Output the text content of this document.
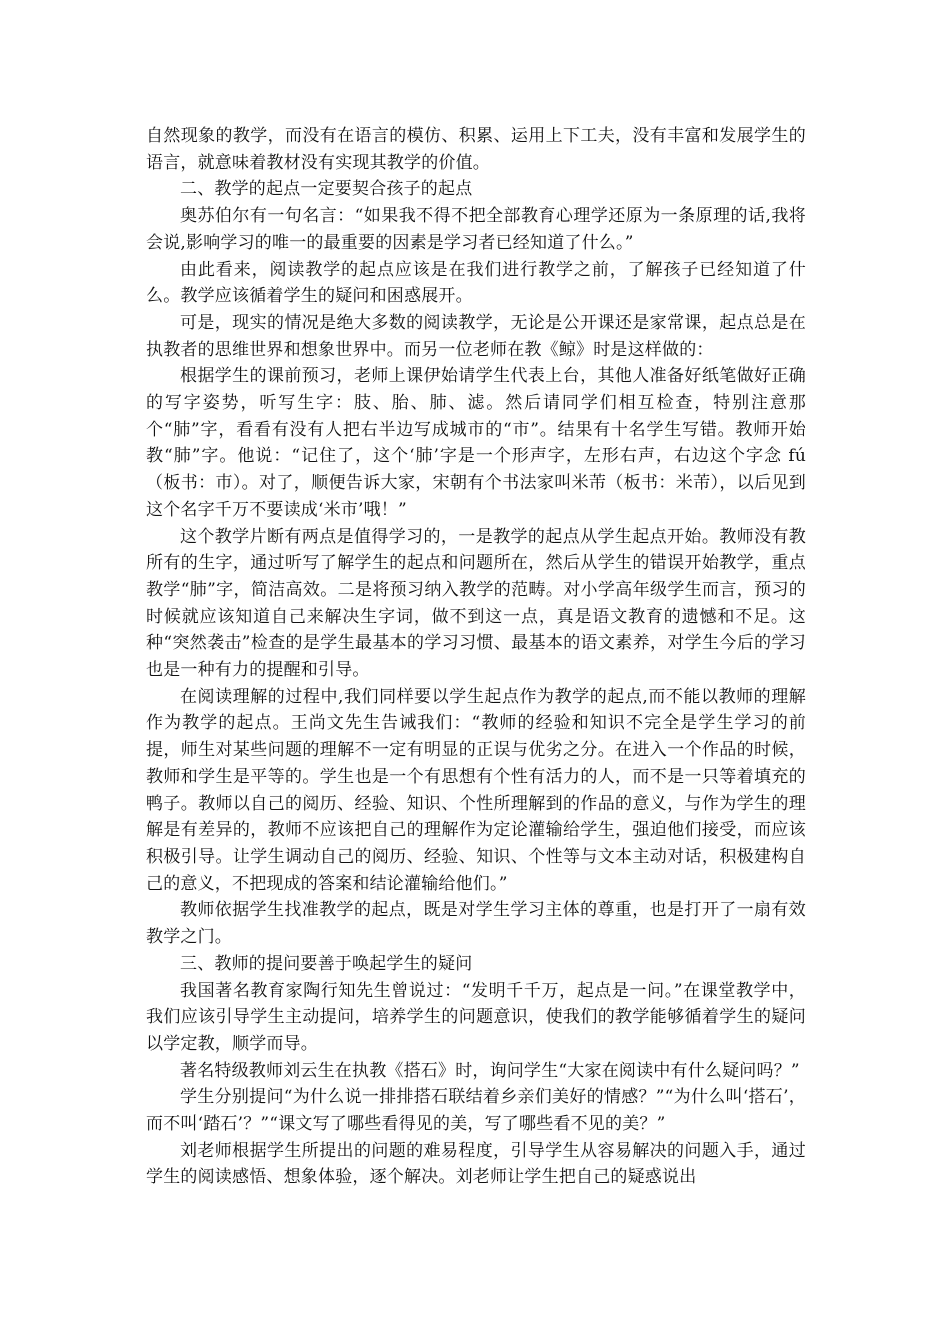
自然现象的教学，而没有在语言的模仿、积累、运用上下工夫，没有丰富和发展学生的语言，就意味着教材没有实现其教学的价值。

二、教学的起点一定要契合孩子的起点

奥苏伯尔有一句名言：“如果我不得不把全部教育心理学还原为一条原理的话,我将会说,影响学习的唯一的最重要的因素是学习者已经知道了什么。”

由此看来，阅读教学的起点应该是在我们进行教学之前，了解孩子已经知道了什么。教学应该循着学生的疑问和困惑展开。

可是，现实的情况是绝大多数的阅读教学，无论是公开课还是家常课，起点总是在执教者的思维世界和想象世界中。而另一位老师在教《鲸》时是这样做的：

根据学生的课前预习，老师上课伊始请学生代表上台，其他人准备好纸笔做好正确的写字姿势，听写生字：肢、胎、肺、滤。然后请同学们相互检查，特别注意那个“肺”字，看看有没有人把右半边写成城市的“市”。结果有十名学生写错。教师开始教“肺”字。他说：“记住了，这个‘肺’字是一个形声字，左形右声，右边这个字念 fú（板书：巿）。对了，顺便告诉大家，宋朝有个书法家叫米芾（板书：米芾），以后见到这个名字千万不要读成‘米市’哦！”

这个教学片断有两点是值得学习的，一是教学的起点从学生起点开始。教师没有教所有的生字，通过听写了解学生的起点和问题所在，然后从学生的错误开始教学，重点教学“肺”字，简洁高效。二是将预习纳入教学的范畴。对小学高年级学生而言，预习的时候就应该知道自己来解决生字词，做不到这一点，真是语文教育的遗憾和不足。这种“突然袭击”检查的是学生最基本的学习习惯、最基本的语文素养，对学生今后的学习也是一种有力的提醒和引导。

在阅读理解的过程中,我们同样要以学生起点作为教学的起点,而不能以教师的理解作为教学的起点。王尚文先生告诫我们：“教师的经验和知识不完全是学生学习的前提，师生对某些问题的理解不一定有明显的正误与优劣之分。在进入一个作品的时候，教师和学生是平等的。学生也是一个有思想有个性有活力的人，而不是一只等着填充的鸭子。教师以自己的阅历、经验、知识、个性所理解到的作品的意义，与作为学生的理解是有差异的，教师不应该把自己的理解作为定论灌输给学生，强迫他们接受，而应该积极引导。让学生调动自己的阅历、经验、知识、个性等与文本主动对话，积极建构自己的意义，不把现成的答案和结论灌输给他们。”

教师依据学生找准教学的起点，既是对学生学习主体的尊重，也是打开了一扇有效教学之门。

三、教师的提问要善于唤起学生的疑问

我国著名教育家陶行知先生曾说过：“发明千千万，起点是一问。”在课堂教学中，我们应该引导学生主动提问，培养学生的问题意识，使我们的教学能够循着学生的疑问以学定教，顺学而导。

著名特级教师刘云生在执教《搭石》时，询问学生“大家在阅读中有什么疑问吗？”

学生分别提问“为什么说一排排搭石联结着乡亲们美好的情感？”“为什么叫‘搭石’，而不叫‘踏石’？”“课文写了哪些看得见的美，写了哪些看不见的美？”

刘老师根据学生所提出的问题的难易程度，引导学生从容易解决的问题入手，通过学生的阅读感悟、想象体验，逐个解决。刘老师让学生把自己的疑惑说出
